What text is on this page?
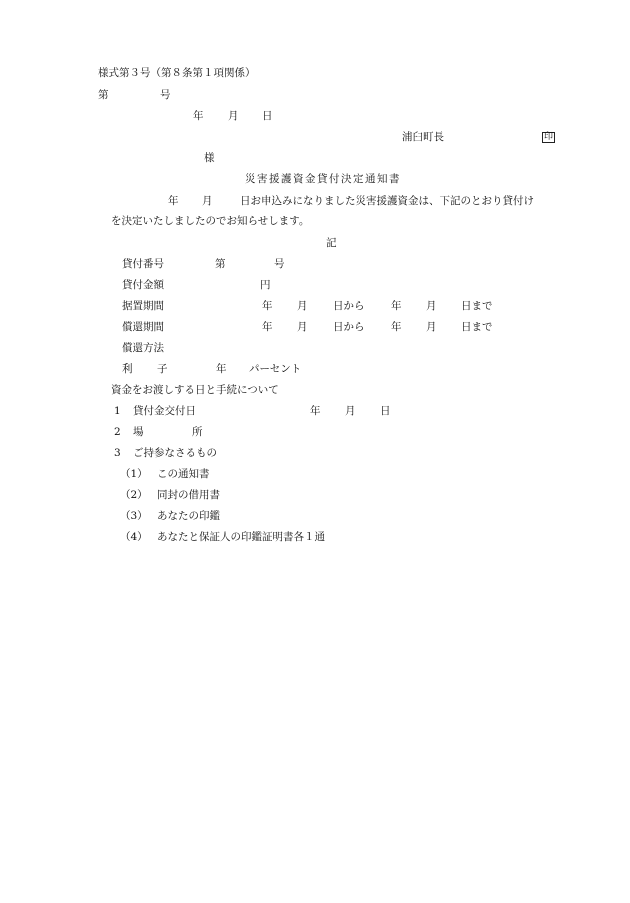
様式第３号（第８条第１項関係）
第	号
年 月 日
浦臼町長	印
様
災害援護資金貸付決定通知書
年 月	日お申込みになりました災害援護資金は、下記のとおり貸付け
を決定いたしましたのでお知らせします。
記
貸付番号	第	号
貸付金額	円
据置期間	年 月 日から	年 月 日まで
償還期間	年 月 日から	年 月 日まで
償還方法
利 子	年 パーセント
資金をお渡しする日と手続について
1 貸付金交付日	年 月 日
2 場	所
3 ご持参なさるもの
（1） この通知書
（2） 同封の借用書
（3） あなたの印鑑
（4） あなたと保証人の印鑑証明書各１通
